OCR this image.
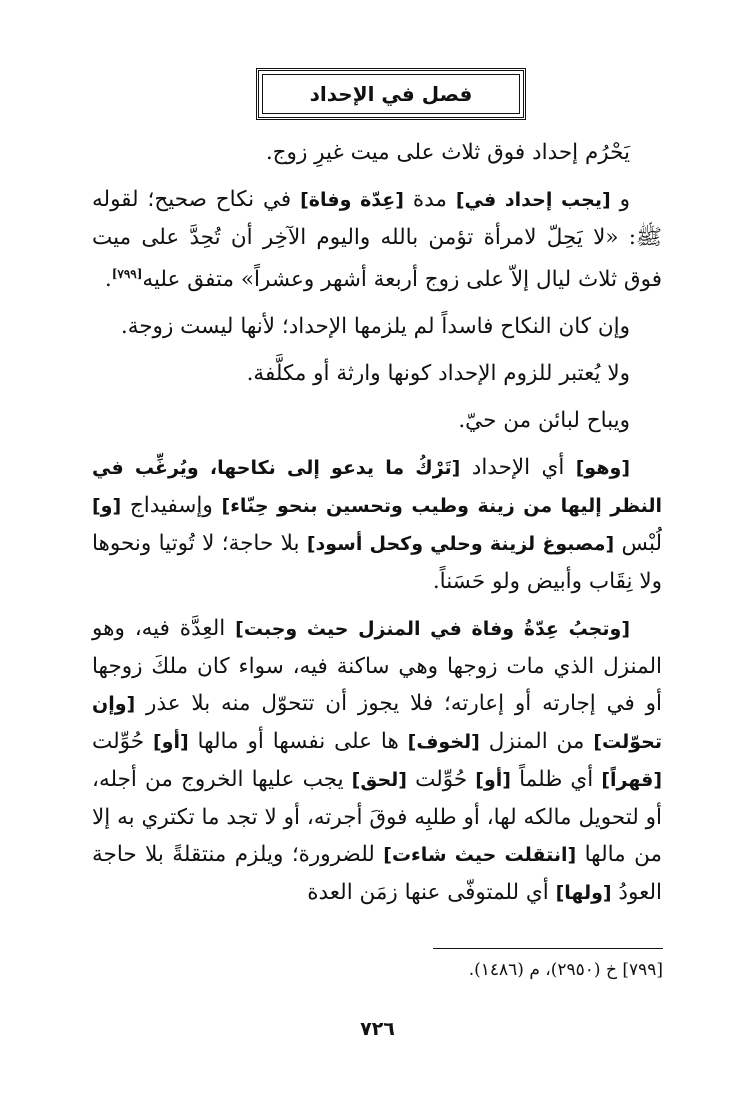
فصل في الإحداد

يَحْرُم إحداد فوق ثلاث على ميت غيرِ زوج.

و [يجب إحداد في] مدة [عِدّة وفاة] في نكاح صحيح؛ لقوله ﷺ: «لا يَحِلّ لامرأة تؤمن بالله واليوم الآخِر أن تُحِدَّ على ميت فوق ثلاث ليال إلاّ على زوج أربعة أشهر وعشراً» متفق عليه[٧٩٩].

وإن كان النكاح فاسداً لم يلزمها الإحداد؛ لأنها ليست زوجة.

ولا يُعتبر للزوم الإحداد كونها وارثة أو مكلَّفة.

ويباح لبائن من حيّ.

[وهو] أي الإحداد [تَرْكُ ما يدعو إلى نكاحها، ويُرغِّب في النظر إليها من زينة وطيب وتحسين بنحو حِنّاء] وإسفيداج [و] لُبْس [مصبوغ لزينة وحلي وكحل أسود] بلا حاجة؛ لا تُوتيا ونحوها ولا نِقَاب وأبيض ولو حَسَناً.

[وتجبُ عِدّةُ وفاة في المنزل حيث وجبت] العِدَّة فيه، وهو المنزل الذي مات زوجها وهي ساكنة فيه، سواء كان ملكَ زوجها أو في إجارته أو إعارته؛ فلا يجوز أن تتحوّل منه بلا عذر [وإن تحوّلت] من المنزل [لخوف] ها على نفسها أو مالها [أو] حُوِّلت [قهراً] أي ظلماً [أو] حُوِّلت [لحق] يجب عليها الخروج من أجله، أو لتحويل مالكه لها، أو طلبِه فوقَ أجرته، أو لا تجد ما تكتري به إلا من مالها [انتقلت حيث شاءت] للضرورة؛ ويلزم منتقلةً بلا حاجة العودُ [ولها] أي للمتوفّى عنها زمَن العدة

[٧٩٩] خ (٢٩٥٠)، م (١٤٨٦).
٧٢٦
